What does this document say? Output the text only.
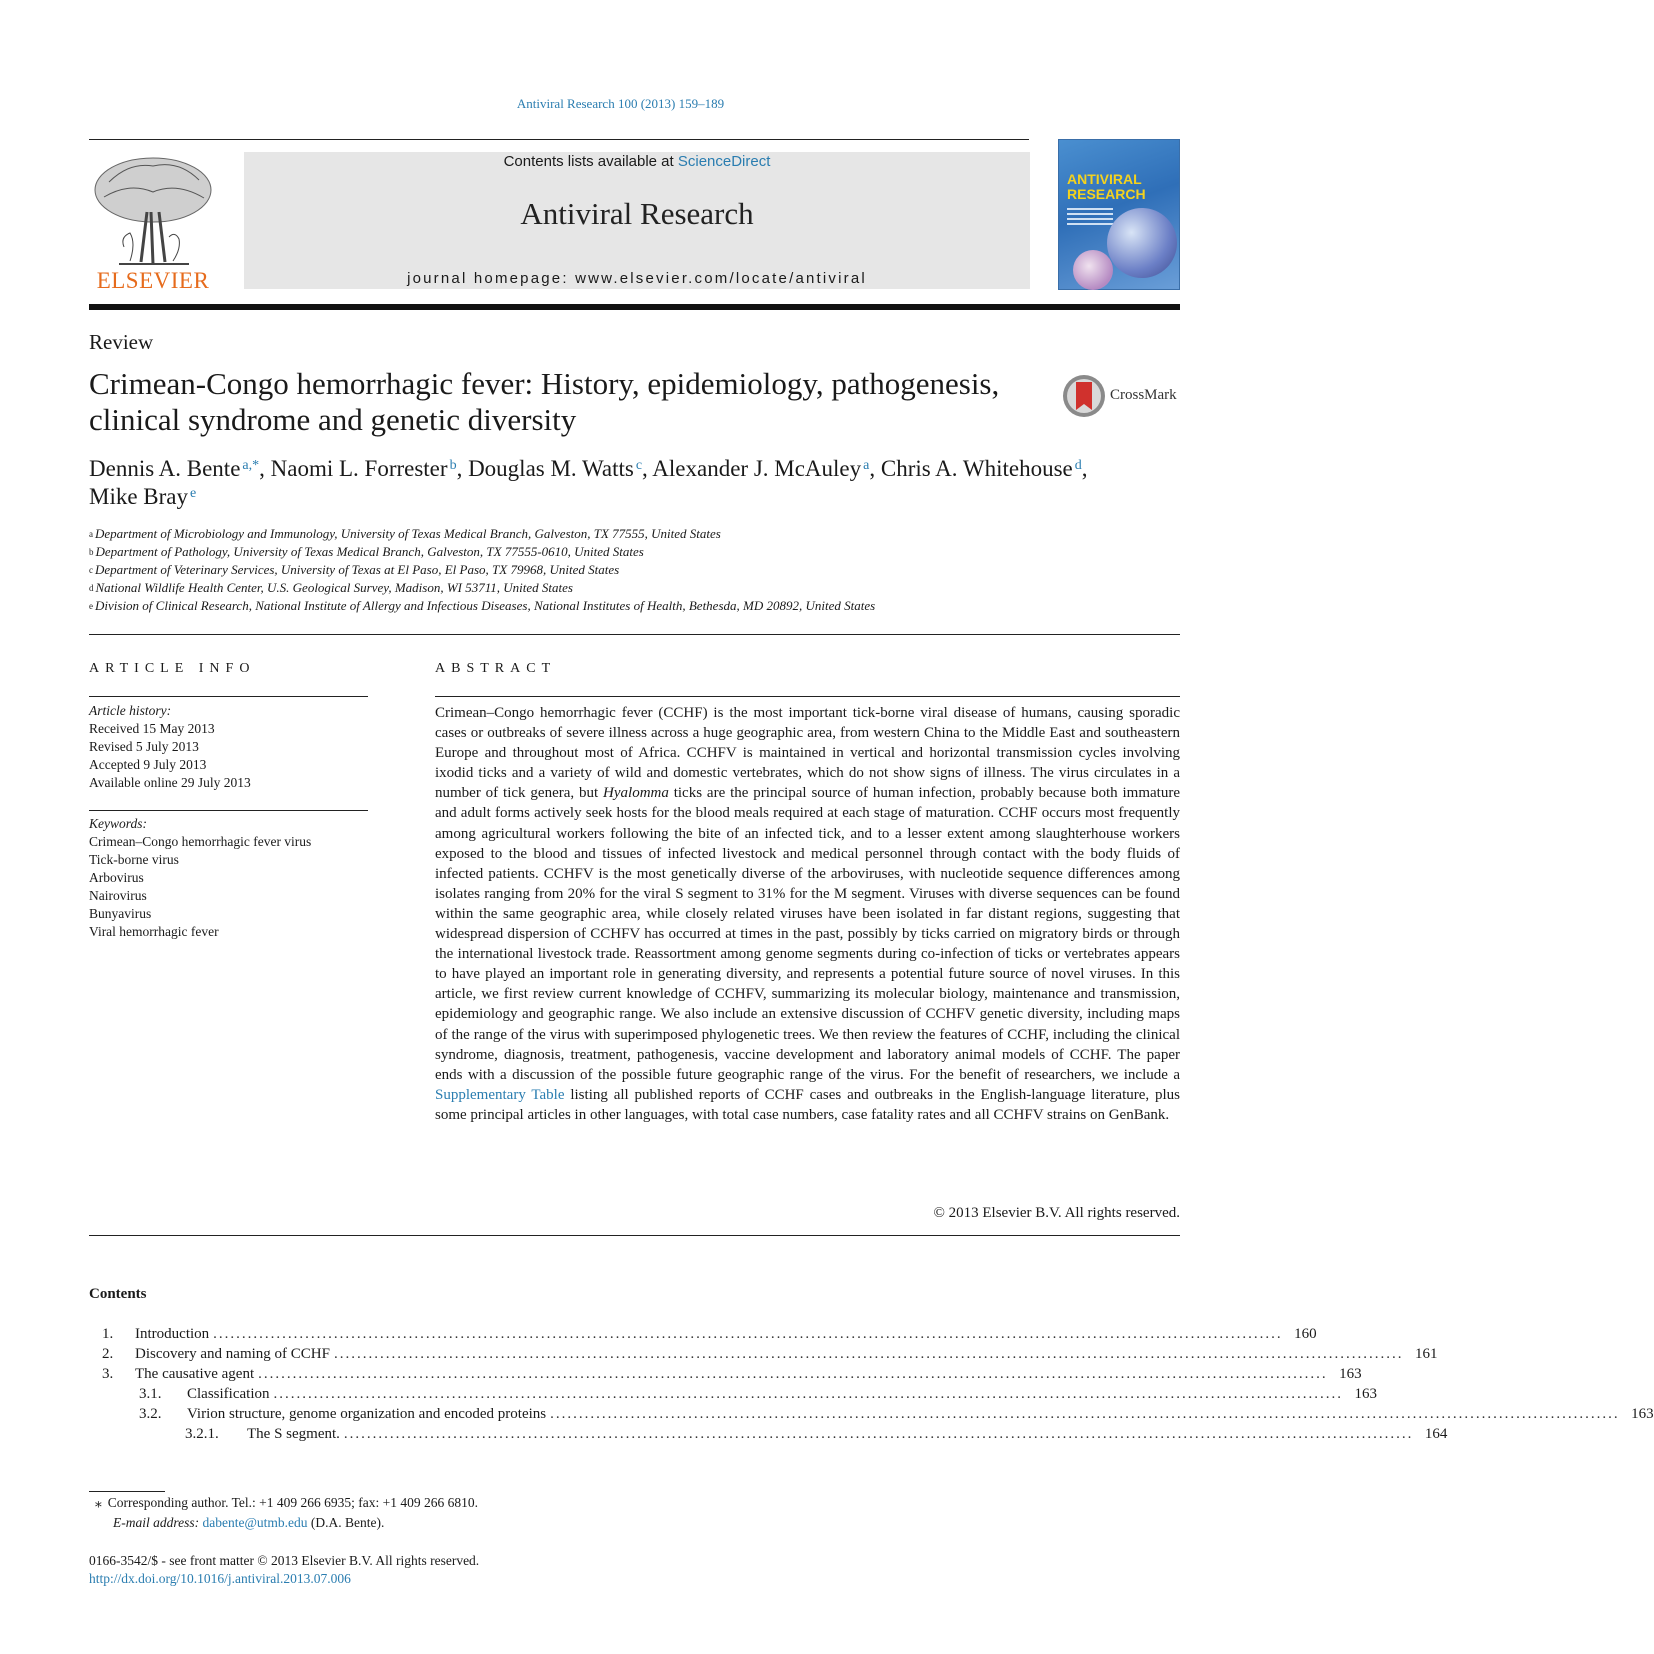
Antiviral Research 100 (2013) 159–189
ELSEVIER
Contents lists available at ScienceDirect
Antiviral Research
journal homepage: www.elsevier.com/locate/antiviral
ANTIVIRAL RESEARCH
Review
Crimean-Congo hemorrhagic fever: History, epidemiology, pathogenesis, clinical syndrome and genetic diversity
CrossMark
Dennis A. Bente $^{a,*}$, Naomi L. Forrester $^b$, Douglas M. Watts $^c$, Alexander J. McAuley $^a$, Chris A. Whitehouse $^d$,
Mike Bray $^e$
$^a$ Department of Microbiology and Immunology, University of Texas Medical Branch, Galveston, TX 77555, United States
$^b$ Department of Pathology, University of Texas Medical Branch, Galveston, TX 77555-0610, United States
$^c$ Department of Veterinary Services, University of Texas at El Paso, El Paso, TX 79968, United States
$^d$ National Wildlife Health Center, U.S. Geological Survey, Madison, WI 53711, United States
$^e$ Division of Clinical Research, National Institute of Allergy and Infectious Diseases, National Institutes of Health, Bethesda, MD 20892, United States
ARTICLE INFO
Article history:
Received 15 May 2013
Revised 5 July 2013
Accepted 9 July 2013
Available online 29 July 2013
Keywords:
Crimean–Congo hemorrhagic fever virus
Tick-borne virus
Arbovirus
Nairovirus
Bunyavirus
Viral hemorrhagic fever
ABSTRACT
Crimean–Congo hemorrhagic fever (CCHF) is the most important tick-borne viral disease of humans, causing sporadic cases or outbreaks of severe illness across a huge geographic area, from western China to the Middle East and southeastern Europe and throughout most of Africa. CCHFV is maintained in vertical and horizontal transmission cycles involving ixodid ticks and a variety of wild and domestic vertebrates, which do not show signs of illness. The virus circulates in a number of tick genera, but Hyalomma ticks are the principal source of human infection, probably because both immature and adult forms actively seek hosts for the blood meals required at each stage of maturation. CCHF occurs most frequently among agricultural workers following the bite of an infected tick, and to a lesser extent among slaughterhouse workers exposed to the blood and tissues of infected livestock and medical personnel through contact with the body fluids of infected patients. CCHFV is the most genetically diverse of the arboviruses, with nucleotide sequence differences among isolates ranging from 20% for the viral S segment to 31% for the M segment. Viruses with diverse sequences can be found within the same geographic area, while closely related viruses have been isolated in far distant regions, suggesting that widespread dispersion of CCHFV has occurred at times in the past, possibly by ticks carried on migratory birds or through the international livestock trade. Reassortment among genome segments during co-infection of ticks or vertebrates appears to have played an important role in generating diversity, and represents a potential future source of novel viruses. In this article, we first review current knowledge of CCHFV, summarizing its molecular biology, maintenance and transmission, epidemiology and geographic range. We also include an extensive discussion of CCHFV genetic diversity, including maps of the range of the virus with superimposed phylogenetic trees. We then review the features of CCHF, including the clinical syndrome, diagnosis, treatment, pathogenesis, vaccine development and laboratory animal models of CCHF. The paper ends with a discussion of the possible future geographic range of the virus. For the benefit of researchers, we include a Supplementary Table listing all published reports of CCHF cases and outbreaks in the English-language literature, plus some principal articles in other languages, with total case numbers, case fatality rates and all CCHFV strains on GenBank.
© 2013 Elsevier B.V. All rights reserved.
Contents
1. Introduction .......................................................................................................................................................................................... 160
2. Discovery and naming of CCHF .......................................................................................................................................................................................... 161
3. The causative agent .......................................................................................................................................................................................... 163
3.1.	Classification .......................................................................................................................................................................................... 163
3.2.	Virion structure, genome organization and encoded proteins .......................................................................................................................................................................................... 163
3.2.1.	The S segment. .......................................................................................................................................................................................... 164
⁎ Corresponding author. Tel.: +1 409 266 6935; fax: +1 409 266 6810.
E-mail address: dabente@utmb.edu (D.A. Bente).
0166-3542/$ - see front matter © 2013 Elsevier B.V. All rights reserved.
http://dx.doi.org/10.1016/j.antiviral.2013.07.006
